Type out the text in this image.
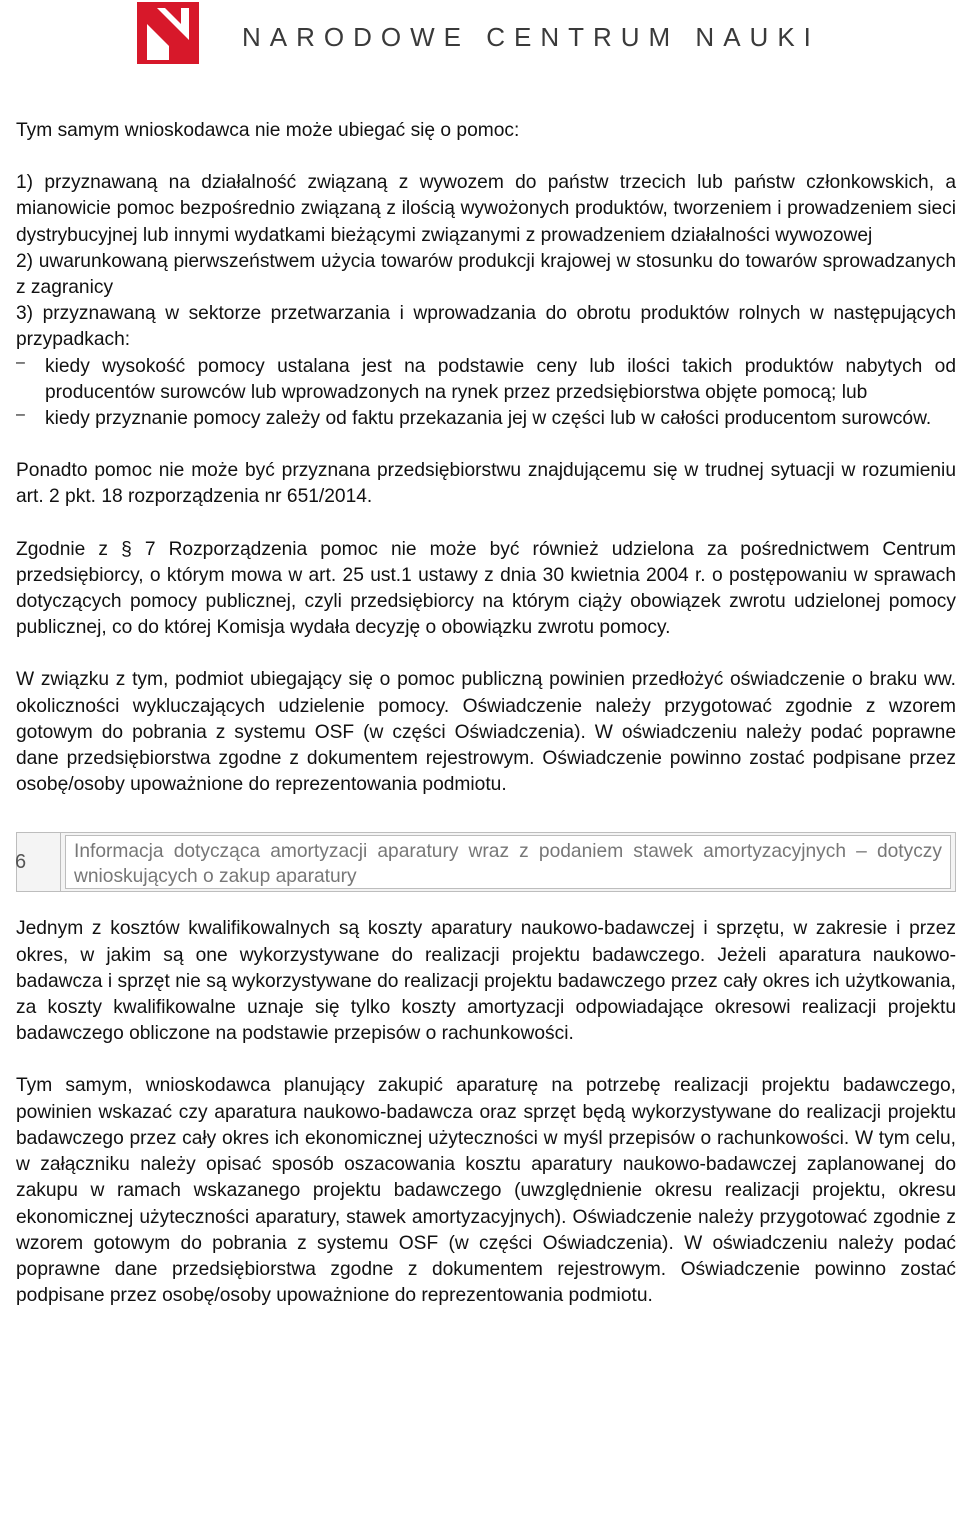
NARODOWE CENTRUM NAUKI

Tym samym wnioskodawca nie może ubiegać się o pomoc:

1) przyznawaną na działalność związaną z wywozem do państw trzecich lub państw członkowskich, a mianowicie pomoc bezpośrednio związaną z ilością wywożonych produktów, tworzeniem i prowadzeniem sieci dystrybucyjnej lub innymi wydatkami bieżącymi związanymi z prowadzeniem działalności wywozowej

2) uwarunkowaną pierwszeństwem użycia towarów produkcji krajowej w stosunku do towarów sprowadzanych z zagranicy

3) przyznawaną w sektorze przetwarzania i wprowadzania do obrotu produktów rolnych w następujących przypadkach:

–	kiedy wysokość pomocy ustalana jest na podstawie ceny lub ilości takich produktów nabytych od producentów surowców lub wprowadzonych na rynek przez przedsiębiorstwa objęte pomocą; lub

–	kiedy przyznanie pomocy zależy od faktu przekazania jej w części lub w całości producentom surowców.

Ponadto pomoc nie może być przyznana przedsiębiorstwu znajdującemu się w trudnej sytuacji w rozumieniu art. 2 pkt. 18 rozporządzenia nr 651/2014.

Zgodnie z § 7 Rozporządzenia pomoc nie może być również udzielona za pośrednictwem Centrum przedsiębiorcy, o którym mowa w art. 25 ust.1 ustawy z dnia 30 kwietnia 2004 r. o postępowaniu w sprawach dotyczących pomocy publicznej, czyli przedsiębiorcy na którym ciąży obowiązek zwrotu udzielonej pomocy publicznej, co do której Komisja wydała decyzję o obowiązku zwrotu pomocy.

W związku z tym, podmiot ubiegający się o pomoc publiczną powinien przedłożyć oświadczenie o braku ww. okoliczności wykluczających udzielenie pomocy. Oświadczenie należy przygotować zgodnie z wzorem gotowym do pobrania z systemu OSF (w części Oświadczenia). W oświadczeniu należy podać poprawne dane przedsiębiorstwa zgodne z dokumentem rejestrowym. Oświadczenie powinno zostać podpisane przez osobę/osoby upoważnione do reprezentowania podmiotu.

6 Informacja dotycząca amortyzacji aparatury wraz z podaniem stawek amortyzacyjnych – dotyczy wnioskujących o zakup aparatury

Jednym z kosztów kwalifikowalnych są koszty aparatury naukowo-badawczej i sprzętu, w zakresie i przez okres, w jakim są one wykorzystywane do realizacji projektu badawczego. Jeżeli aparatura naukowo-badawcza i sprzęt nie są wykorzystywane do realizacji projektu badawczego przez cały okres ich użytkowania, za koszty kwalifikowalne uznaje się tylko koszty amortyzacji odpowiadające okresowi realizacji projektu badawczego obliczone na podstawie przepisów o rachunkowości.

Tym samym, wnioskodawca planujący zakupić aparaturę na potrzebę realizacji projektu badawczego, powinien wskazać czy aparatura naukowo-badawcza oraz sprzęt będą wykorzystywane do realizacji projektu badawczego przez cały okres ich ekonomicznej użyteczności w myśl przepisów o rachunkowości. W tym celu, w załączniku należy opisać sposób oszacowania kosztu aparatury naukowo-badawczej zaplanowanej do zakupu w ramach wskazanego projektu badawczego (uwzględnienie okresu realizacji projektu, okresu ekonomicznej użyteczności aparatury, stawek amortyzacyjnych). Oświadczenie należy przygotować zgodnie z wzorem gotowym do pobrania z systemu OSF (w części Oświadczenia). W oświadczeniu należy podać poprawne dane przedsiębiorstwa zgodne z dokumentem rejestrowym. Oświadczenie powinno zostać podpisane przez osobę/osoby upoważnione do reprezentowania podmiotu.
